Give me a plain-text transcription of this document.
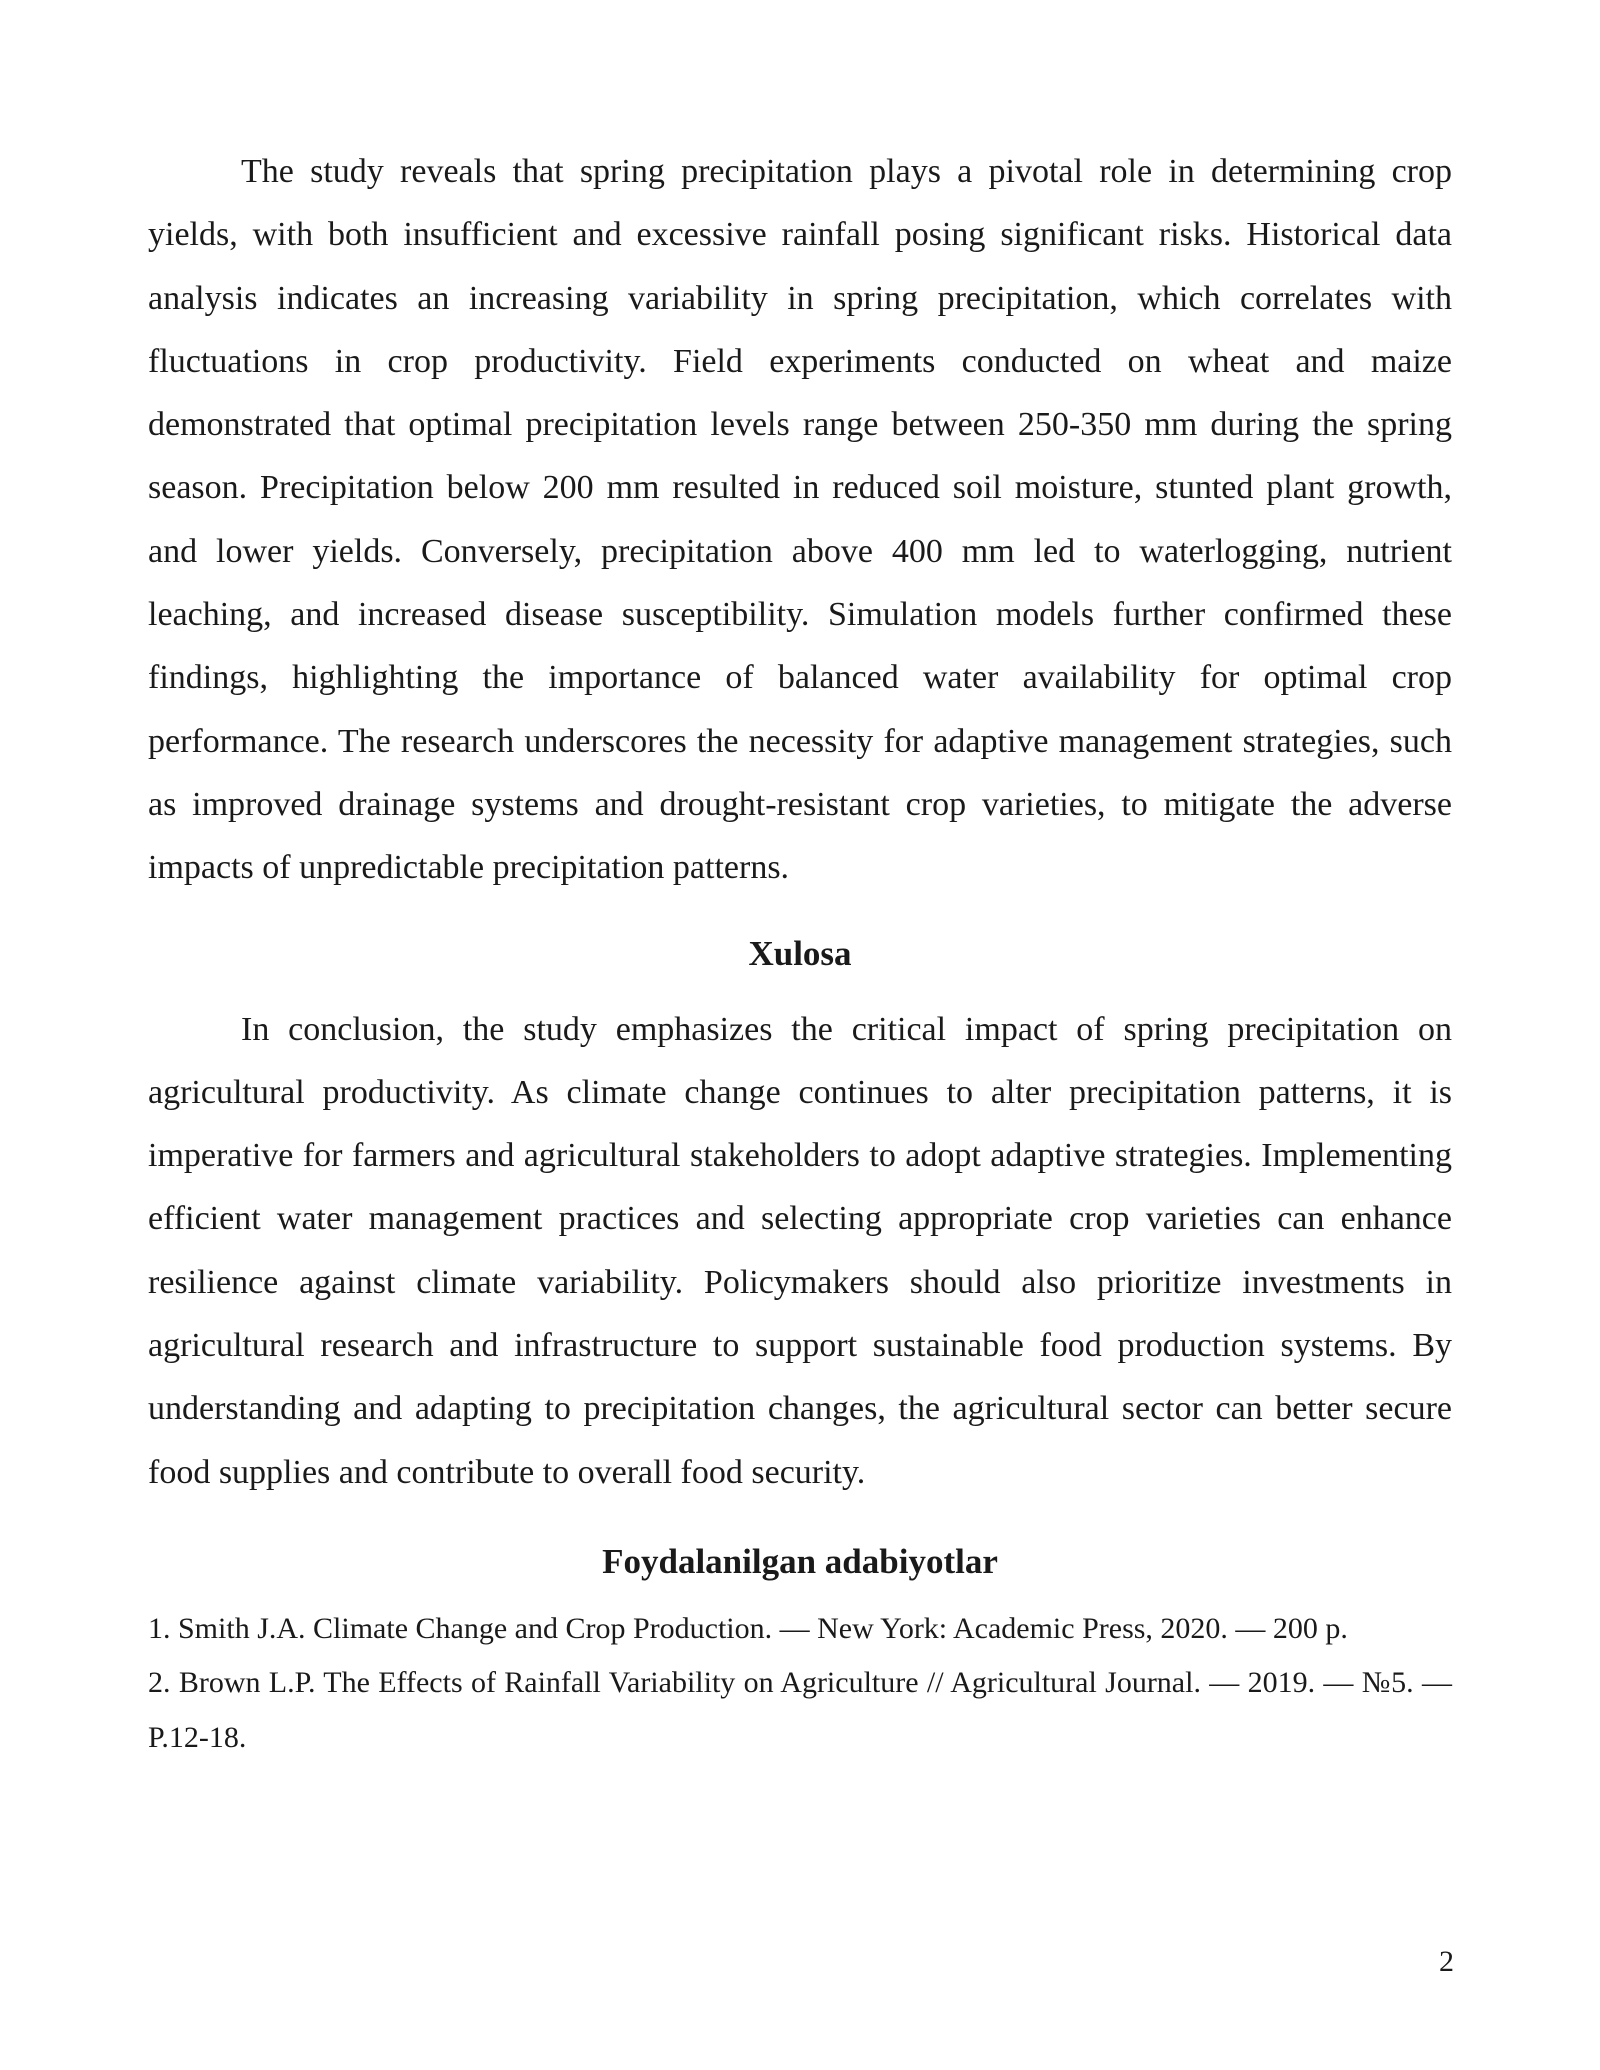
The study reveals that spring precipitation plays a pivotal role in determining crop yields, with both insufficient and excessive rainfall posing significant risks. Historical data analysis indicates an increasing variability in spring precipitation, which correlates with fluctuations in crop productivity. Field experiments conducted on wheat and maize demonstrated that optimal precipitation levels range between 250-350 mm during the spring season. Precipitation below 200 mm resulted in reduced soil moisture, stunted plant growth, and lower yields. Conversely, precipitation above 400 mm led to waterlogging, nutrient leaching, and increased disease susceptibility. Simulation models further confirmed these findings, highlighting the importance of balanced water availability for optimal crop performance. The research underscores the necessity for adaptive management strategies, such as improved drainage systems and drought-resistant crop varieties, to mitigate the adverse impacts of unpredictable precipitation patterns.

Xulosa

In conclusion, the study emphasizes the critical impact of spring precipitation on agricultural productivity. As climate change continues to alter precipitation patterns, it is imperative for farmers and agricultural stakeholders to adopt adaptive strategies. Implementing efficient water management practices and selecting appropriate crop varieties can enhance resilience against climate variability. Policymakers should also prioritize investments in agricultural research and infrastructure to support sustainable food production systems. By understanding and adapting to precipitation changes, the agricultural sector can better secure food supplies and contribute to overall food security.

Foydalanilgan adabiyotlar
1. Smith J.A. Climate Change and Crop Production. — New York: Academic Press, 2020. — 200 p.
2. Brown L.P. The Effects of Rainfall Variability on Agriculture // Agricultural Journal. — 2019. — №5. — P.12-18.
2
